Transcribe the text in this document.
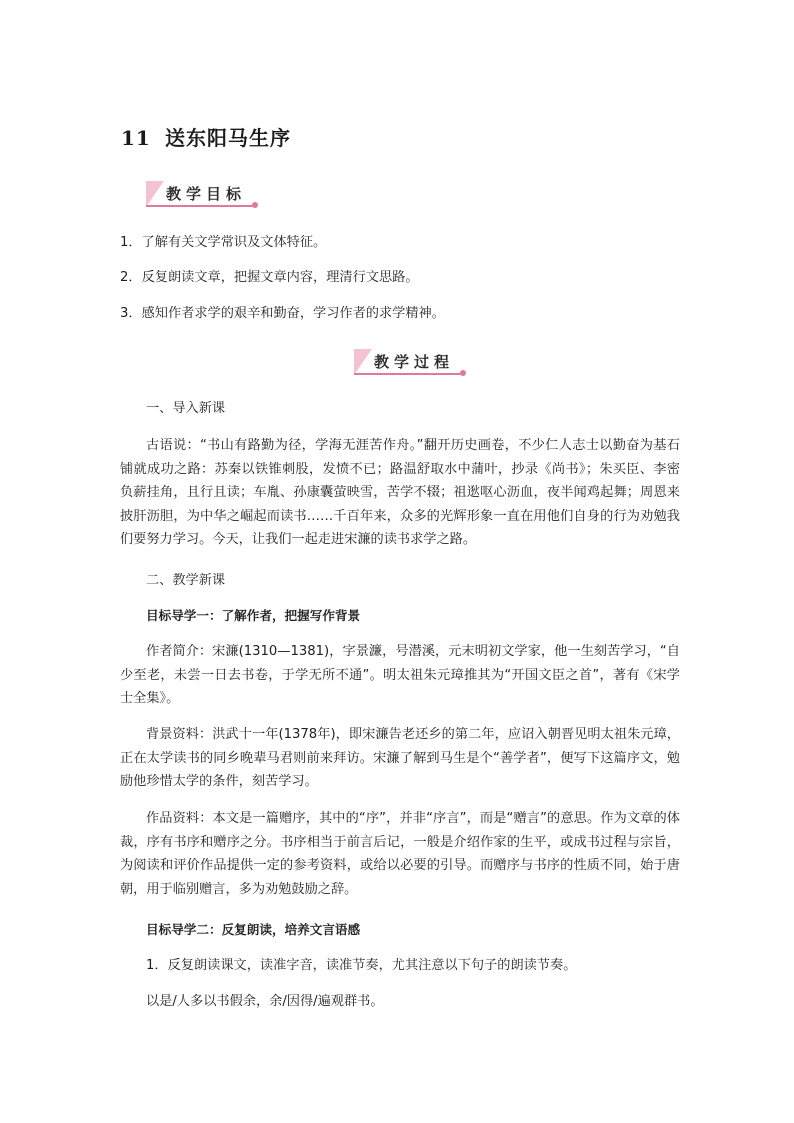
11 送东阳马生序
教学目标

1．了解有关文学常识及文体特征。

2．反复朗读文章，把握文章内容，理清行文思路。

3．感知作者求学的艰辛和勤奋，学习作者的求学精神。

教学过程

一、导入新课

古语说：“书山有路勤为径，学海无涯苦作舟。”翻开历史画卷，不少仁人志士以勤奋为基石铺就成功之路：苏秦以铁锥刺股，发愤不已；路温舒取水中蒲叶，抄录《尚书》；朱买臣、李密负薪挂角，且行且读；车胤、孙康囊萤映雪，苦学不辍；祖逖呕心沥血，夜半闻鸡起舞；周恩来披肝沥胆，为中华之崛起而读书……千百年来，众多的光辉形象一直在用他们自身的行为劝勉我们要努力学习。今天，让我们一起走进宋濂的读书求学之路。

二、教学新课

目标导学一：了解作者，把握写作背景

作者简介：宋濂(1310—1381)，字景濂，号潜溪，元末明初文学家，他一生刻苦学习，“自少至老，未尝一日去书卷，于学无所不通”。明太祖朱元璋推其为“开国文臣之首”，著有《宋学士全集》。

背景资料：洪武十一年(1378年)，即宋濂告老还乡的第二年，应诏入朝晋见明太祖朱元璋，正在太学读书的同乡晚辈马君则前来拜访。宋濂了解到马生是个“善学者”，便写下这篇序文，勉励他珍惜太学的条件，刻苦学习。

作品资料：本文是一篇赠序，其中的“序”，并非“序言”，而是“赠言”的意思。作为文章的体裁，序有书序和赠序之分。书序相当于前言后记，一般是介绍作家的生平，或成书过程与宗旨，为阅读和评价作品提供一定的参考资料，或给以必要的引导。而赠序与书序的性质不同，始于唐朝，用于临别赠言，多为劝勉鼓励之辞。

目标导学二：反复朗读，培养文言语感

1．反复朗读课文，读准字音，读准节奏，尤其注意以下句子的朗读节奏。

以是/人多以书假余，余/因得/遍观群书。
